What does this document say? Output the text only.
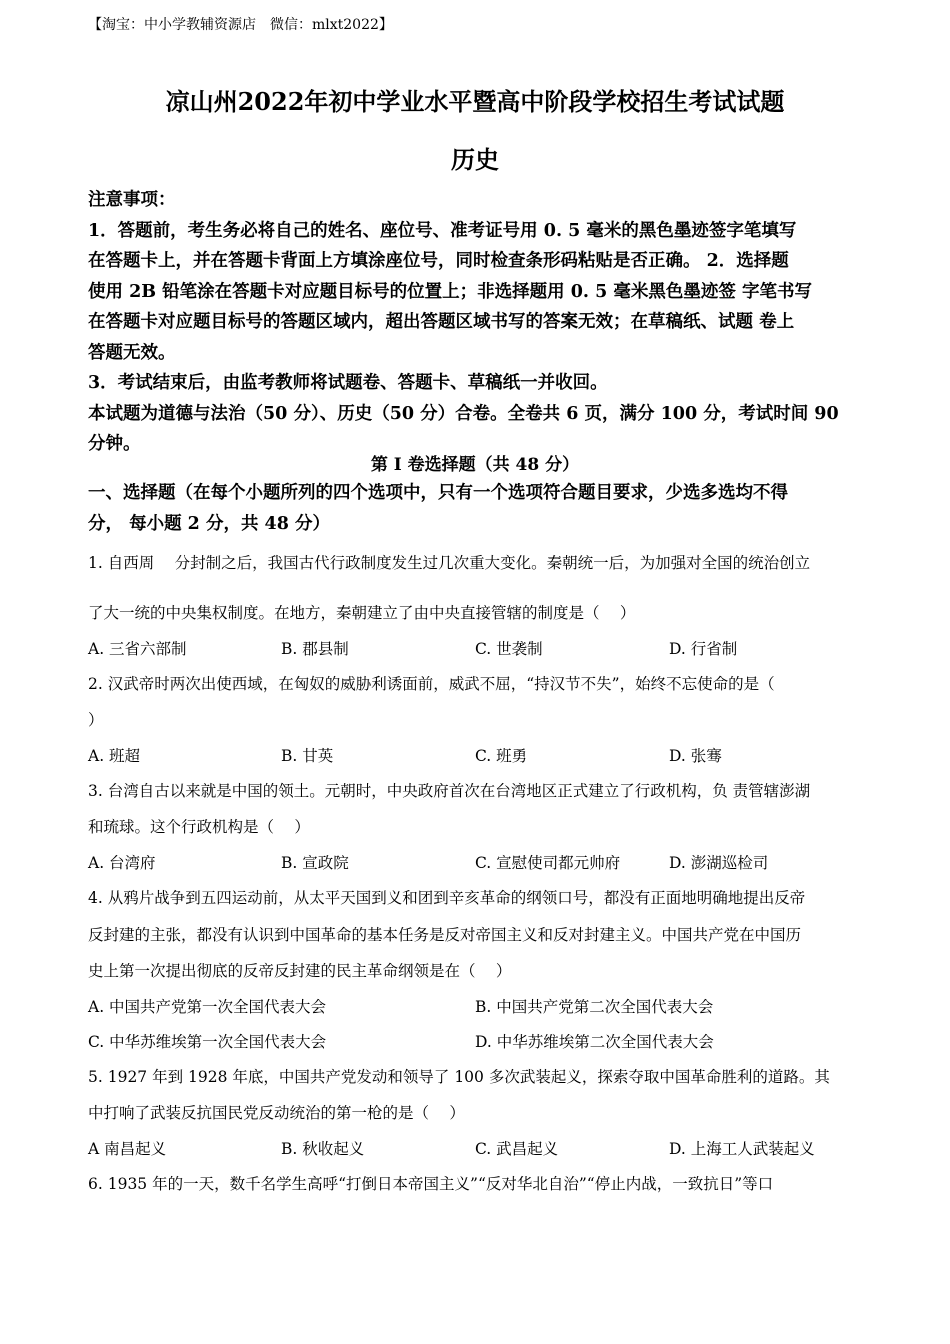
【淘宝：中小学教辅资源店　微信：mlxt2022】
凉山州2022年初中学业水平暨高中阶段学校招生考试试题
历史
注意事项：
1．答题前，考生务必将自己的姓名、座位号、准考证号用 0. 5 毫米的黑色墨迹签字笔填写
在答题卡上，并在答题卡背面上方填涂座位号，同时检查条形码粘贴是否正确。 2．选择题
使用 2B 铅笔涂在答题卡对应题目标号的位置上；非选择题用 0. 5 毫米黑色墨迹签 字笔书写
在答题卡对应题目标号的答题区域内，超出答题区域书写的答案无效；在草稿纸、试题 卷上
答题无效。
3．考试结束后，由监考教师将试题卷、答题卡、草稿纸一并收回。
本试题为道德与法治（50 分）、历史（50 分）合卷。全卷共 6 页，满分 100 分，考试时间 90
分钟。
第 I 卷选择题（共 48 分）
一、选择题（在每个小题所列的四个选项中，只有一个选项符合题目要求，少选多选均不得
分， 每小题 2 分，共 48 分）
1. 自西周　 分封制之后，我国古代行政制度发生过几次重大变化。秦朝统一后，为加强对全国的统治创立
了大一统的中央集权制度。在地方，秦朝建立了由中央直接管辖的制度是（　 ）
A. 三省六部制	B. 郡县制	C. 世袭制	D. 行省制
2. 汉武帝时两次出使西域，在匈奴的威胁利诱面前，威武不屈，“持汉节不失”，始终不忘使命的是（
）
A. 班超	B. 甘英	C. 班勇	D. 张骞
3. 台湾自古以来就是中国的领土。元朝时，中央政府首次在台湾地区正式建立了行政机构，负 责管辖澎湖
和琉球。这个行政机构是（　 ）
A. 台湾府	B. 宣政院	C. 宣慰使司都元帅府	D. 澎湖巡检司
4. 从鸦片战争到五四运动前，从太平天国到义和团到辛亥革命的纲领口号，都没有正面地明确地提出反帝
反封建的主张，都没有认识到中国革命的基本任务是反对帝国主义和反对封建主义。中国共产党在中国历
史上第一次提出彻底的反帝反封建的民主革命纲领是在（　 ）
A. 中国共产党第一次全国代表大会	B. 中国共产党第二次全国代表大会
C. 中华苏维埃第一次全国代表大会	D. 中华苏维埃第二次全国代表大会
5. 1927 年到 1928 年底，中国共产党发动和领导了 100 多次武装起义，探索夺取中国革命胜利的道路。其
中打响了武装反抗国民党反动统治的第一枪的是（　 ）
A 南昌起义	B. 秋收起义	C. 武昌起义	D. 上海工人武装起义
6. 1935 年的一天，数千名学生高呼“打倒日本帝国主义”“反对华北自治”“停止内战，一致抗日”等口
